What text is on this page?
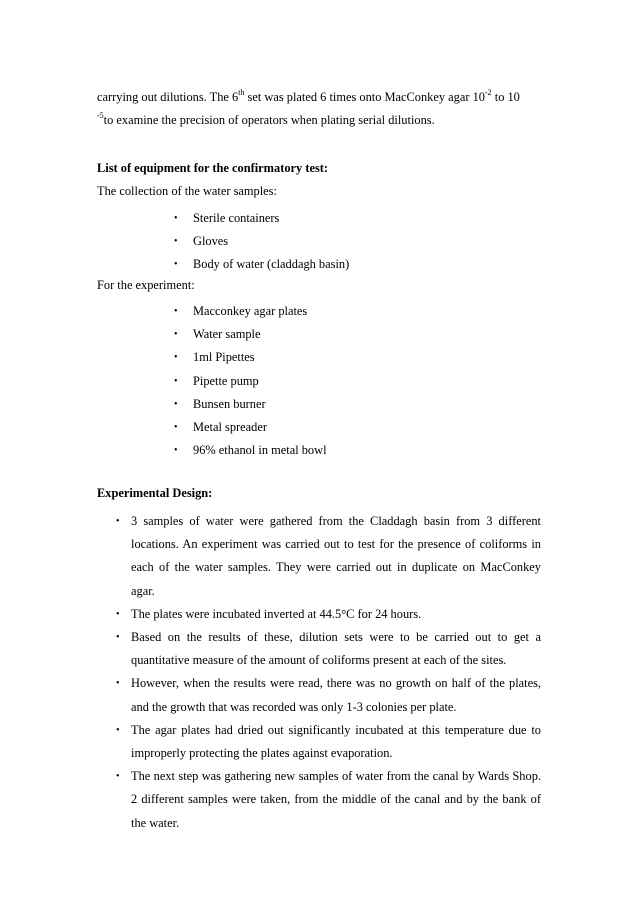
carrying out dilutions. The 6th set was plated 6 times onto MacConkey agar $10^{-2}$ to 10
$^{-5}$to examine the precision of operators when plating serial dilutions.

List of equipment for the confirmatory test:
The collection of the water samples:
• Sterile containers
• Gloves
• Body of water (claddagh basin)
For the experiment:
• Macconkey agar plates
• Water sample
• 1ml Pipettes
• Pipette pump
• Bunsen burner
• Metal spreader
• 96% ethanol in metal bowl
Experimental Design:
• 3 samples of water were gathered from the Claddagh basin from 3 different locations. An experiment was carried out to test for the presence of coliforms in each of the water samples. They were carried out in duplicate on MacConkey agar.
• The plates were incubated inverted at 44.5°C for 24 hours.
• Based on the results of these, dilution sets were to be carried out to get a quantitative measure of the amount of coliforms present at each of the sites.
• However, when the results were read, there was no growth on half of the plates, and the growth that was recorded was only 1-3 colonies per plate.
• The agar plates had dried out significantly incubated at this temperature due to improperly protecting the plates against evaporation.
• The next step was gathering new samples of water from the canal by Wards Shop. 2 different samples were taken, from the middle of the canal and by the bank of the water.
